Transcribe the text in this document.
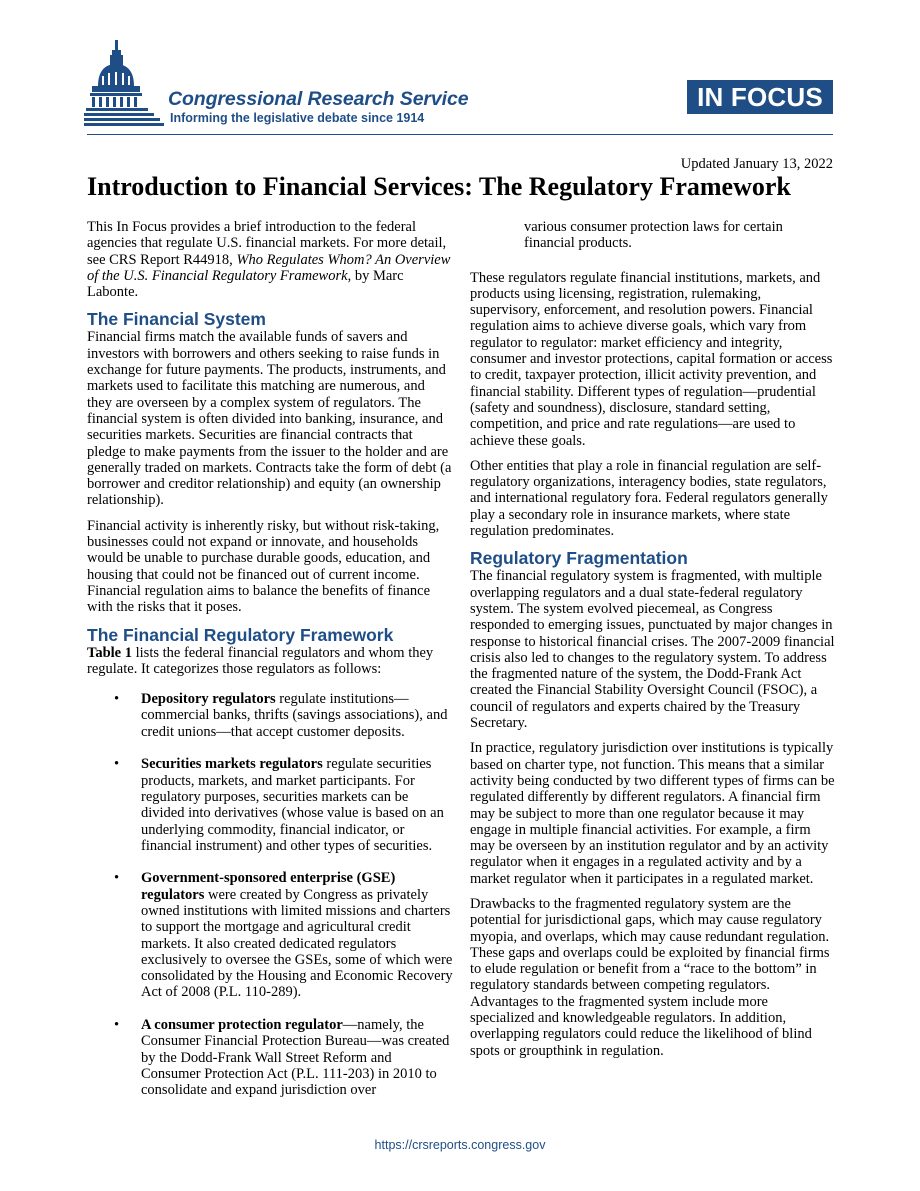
Congressional Research Service
Informing the legislative debate since 1914
IN FOCUS
Updated January 13, 2022
Introduction to Financial Services: The Regulatory Framework

This In Focus provides a brief introduction to the federal agencies that regulate U.S. financial markets. For more detail, see CRS Report R44918, Who Regulates Whom? An Overview of the U.S. Financial Regulatory Framework, by Marc Labonte.

The Financial System

Financial firms match the available funds of savers and investors with borrowers and others seeking to raise funds in exchange for future payments. The products, instruments, and markets used to facilitate this matching are numerous, and they are overseen by a complex system of regulators. The financial system is often divided into banking, insurance, and securities markets. Securities are financial contracts that pledge to make payments from the issuer to the holder and are generally traded on markets. Contracts take the form of debt (a borrower and creditor relationship) and equity (an ownership relationship).

Financial activity is inherently risky, but without risk-taking, businesses could not expand or innovate, and households would be unable to purchase durable goods, education, and housing that could not be financed out of current income. Financial regulation aims to balance the benefits of finance with the risks that it poses.

The Financial Regulatory Framework

Table 1 lists the federal financial regulators and whom they regulate. It categorizes those regulators as follows:

• Depository regulators regulate institutions—commercial banks, thrifts (savings associations), and credit unions—that accept customer deposits.
• Securities markets regulators regulate securities products, markets, and market participants. For regulatory purposes, securities markets can be divided into derivatives (whose value is based on an underlying commodity, financial indicator, or financial instrument) and other types of securities.
• Government-sponsored enterprise (GSE) regulators were created by Congress as privately owned institutions with limited missions and charters to support the mortgage and agricultural credit markets. It also created dedicated regulators exclusively to oversee the GSEs, some of which were consolidated by the Housing and Economic Recovery Act of 2008 (P.L. 110-289).
• A consumer protection regulator—namely, the Consumer Financial Protection Bureau—was created by the Dodd-Frank Wall Street Reform and Consumer Protection Act (P.L. 111-203) in 2010 to consolidate and expand jurisdiction over
various consumer protection laws for certain financial products.

These regulators regulate financial institutions, markets, and products using licensing, registration, rulemaking, supervisory, enforcement, and resolution powers. Financial regulation aims to achieve diverse goals, which vary from regulator to regulator: market efficiency and integrity, consumer and investor protections, capital formation or access to credit, taxpayer protection, illicit activity prevention, and financial stability. Different types of regulation—prudential (safety and soundness), disclosure, standard setting, competition, and price and rate regulations—are used to achieve these goals.

Other entities that play a role in financial regulation are self-regulatory organizations, interagency bodies, state regulators, and international regulatory fora. Federal regulators generally play a secondary role in insurance markets, where state regulation predominates.

Regulatory Fragmentation

The financial regulatory system is fragmented, with multiple overlapping regulators and a dual state-federal regulatory system. The system evolved piecemeal, as Congress responded to emerging issues, punctuated by major changes in response to historical financial crises. The 2007-2009 financial crisis also led to changes to the regulatory system. To address the fragmented nature of the system, the Dodd-Frank Act created the Financial Stability Oversight Council (FSOC), a council of regulators and experts chaired by the Treasury Secretary.

In practice, regulatory jurisdiction over institutions is typically based on charter type, not function. This means that a similar activity being conducted by two different types of firms can be regulated differently by different regulators. A financial firm may be subject to more than one regulator because it may engage in multiple financial activities. For example, a firm may be overseen by an institution regulator and by an activity regulator when it engages in a regulated activity and by a market regulator when it participates in a regulated market.

Drawbacks to the fragmented regulatory system are the potential for jurisdictional gaps, which may cause regulatory myopia, and overlaps, which may cause redundant regulation. These gaps and overlaps could be exploited by financial firms to elude regulation or benefit from a “race to the bottom” in regulatory standards between competing regulators. Advantages to the fragmented system include more specialized and knowledgeable regulators. In addition, overlapping regulators could reduce the likelihood of blind spots or groupthink in regulation.

https://crsreports.congress.gov
